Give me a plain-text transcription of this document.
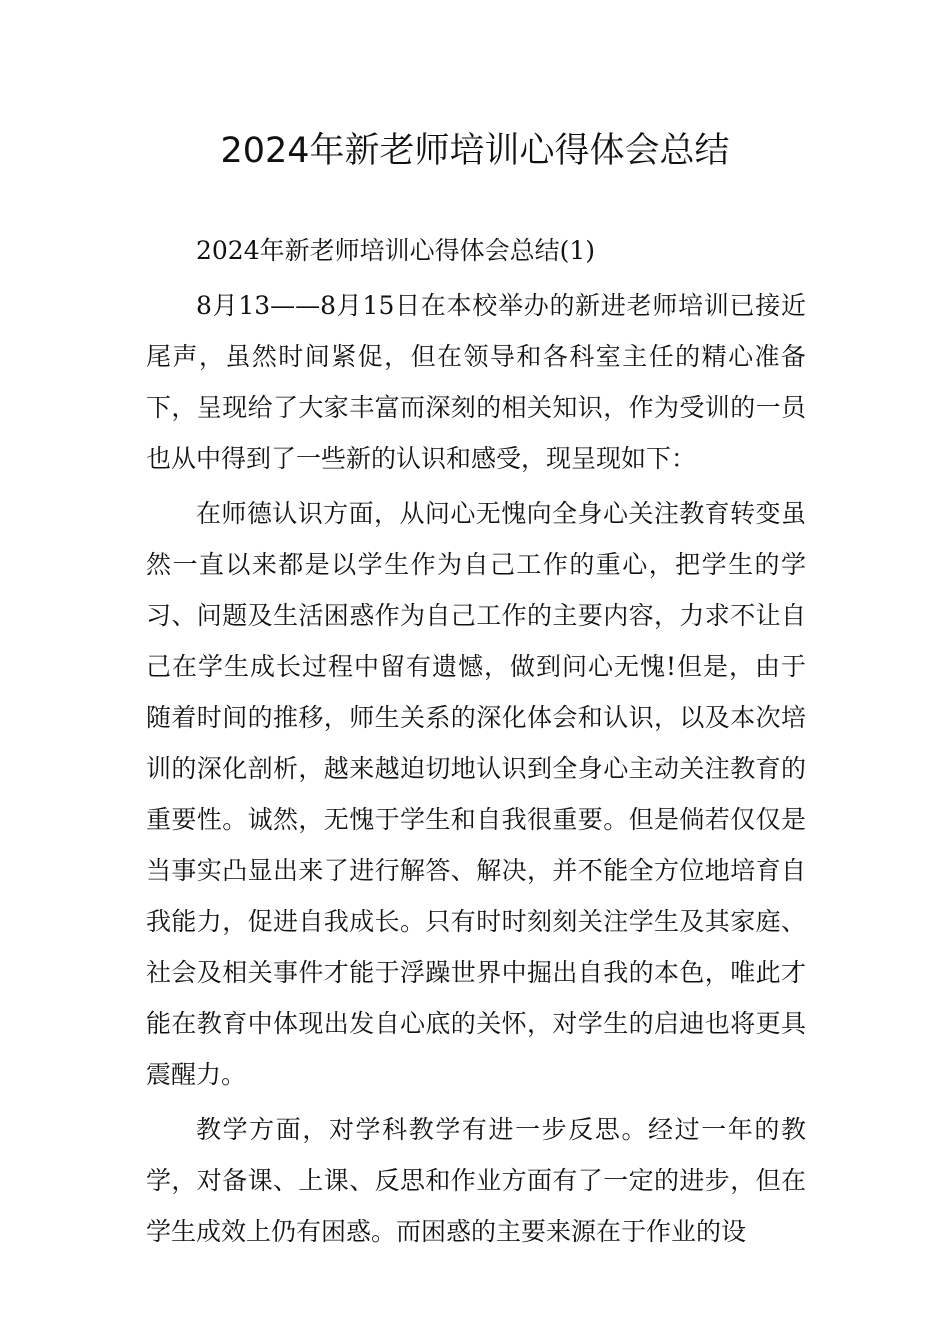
2024年新老师培训心得体会总结

2024年新老师培训心得体会总结(1)

8月13——8月15日在本校举办的新进老师培训已接近尾声，虽然时间紧促，但在领导和各科室主任的精心准备下，呈现给了大家丰富而深刻的相关知识，作为受训的一员也从中得到了一些新的认识和感受，现呈现如下：

在师德认识方面，从问心无愧向全身心关注教育转变虽然一直以来都是以学生作为自己工作的重心，把学生的学习、问题及生活困惑作为自己工作的主要内容，力求不让自己在学生成长过程中留有遗憾，做到问心无愧!但是，由于随着时间的推移，师生关系的深化体会和认识，以及本次培训的深化剖析，越来越迫切地认识到全身心主动关注教育的重要性。诚然，无愧于学生和自我很重要。但是倘若仅仅是当事实凸显出来了进行解答、解决，并不能全方位地培育自我能力，促进自我成长。只有时时刻刻关注学生及其家庭、社会及相关事件才能于浮躁世界中掘出自我的本色，唯此才能在教育中体现出发自心底的关怀，对学生的启迪也将更具震醒力。

教学方面，对学科教学有进一步反思。经过一年的教学，对备课、上课、反思和作业方面有了一定的进步，但在学生成效上仍有困惑。而困惑的主要来源在于作业的设
